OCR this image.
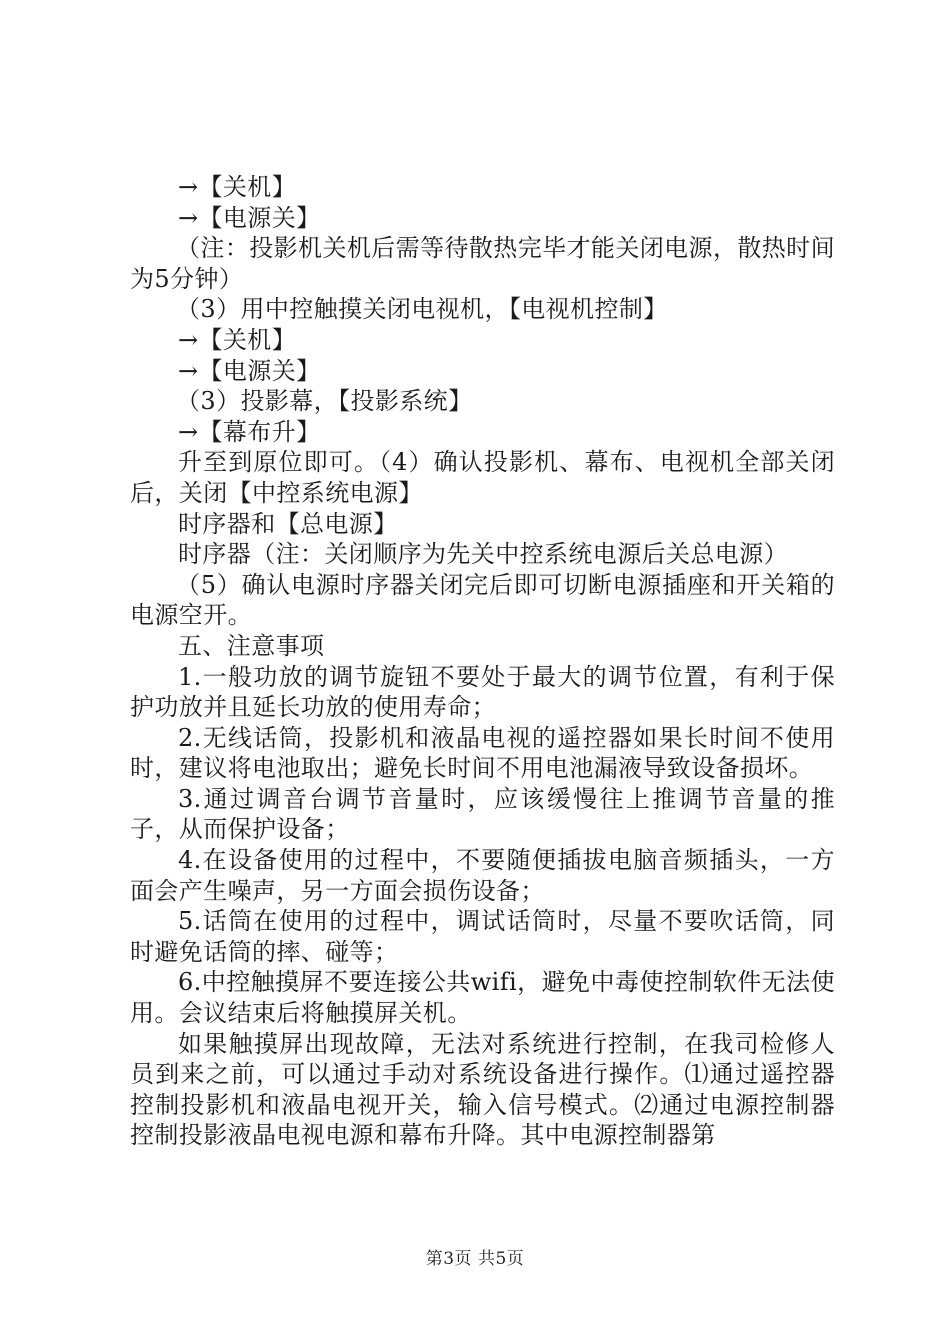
→【关机】

→【电源关】

（注：投影机关机后需等待散热完毕才能关闭电源，散热时间为5分钟）

（3）用中控触摸关闭电视机，【电视机控制】

→【关机】

→【电源关】

（3）投影幕，【投影系统】

→【幕布升】

升至到原位即可。（4）确认投影机、幕布、电视机全部关闭后，关闭【中控系统电源】

时序器和【总电源】

时序器（注：关闭顺序为先关中控系统电源后关总电源）

（5）确认电源时序器关闭完后即可切断电源插座和开关箱的电源空开。

五、注意事项

1.一般功放的调节旋钮不要处于最大的调节位置，有利于保护功放并且延长功放的使用寿命；

2.无线话筒，投影机和液晶电视的遥控器如果长时间不使用时，建议将电池取出；避免长时间不用电池漏液导致设备损坏。

3.通过调音台调节音量时，应该缓慢往上推调节音量的推子，从而保护设备；

4.在设备使用的过程中，不要随便插拔电脑音频插头，一方面会产生噪声，另一方面会损伤设备；

5.话筒在使用的过程中，调试话筒时，尽量不要吹话筒，同时避免话筒的摔、碰等；

6.中控触摸屏不要连接公共wifi，避免中毒使控制软件无法使用。会议结束后将触摸屏关机。

如果触摸屏出现故障，无法对系统进行控制，在我司检修人员到来之前，可以通过手动对系统设备进行操作。⑴通过遥控器控制投影机和液晶电视开关，输入信号模式。⑵通过电源控制器控制投影液晶电视电源和幕布升降。其中电源控制器第

第3页 共5页
